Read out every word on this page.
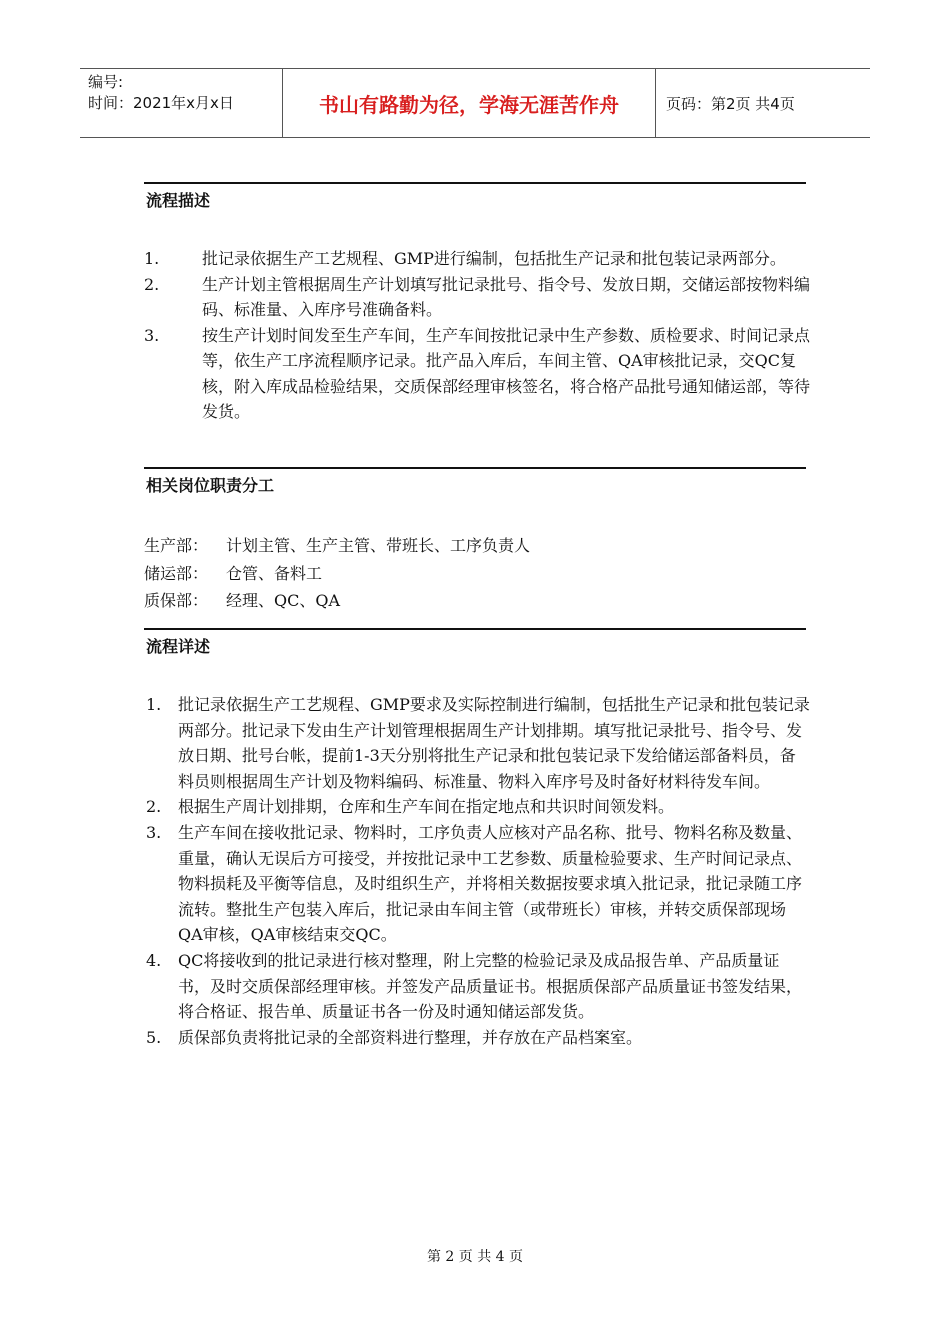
编号:
时间：2021年x月x日	书山有路勤为径，学海无涯苦作舟	页码：第2页 共4页
流程描述
1.	批记录依据生产工艺规程、GMP进行编制，包括批生产记录和批包装记录两部分。
2.	生产计划主管根据周生产计划填写批记录批号、指令号、发放日期，交储运部按物料编码、标准量、入库序号准确备料。
3.	按生产计划时间发至生产车间，生产车间按批记录中生产参数、质检要求、时间记录点等，依生产工序流程顺序记录。批产品入库后，车间主管、QA审核批记录，交QC复核，附入库成品检验结果，交质保部经理审核签名，将合格产品批号通知储运部，等待发货。
相关岗位职责分工
生产部：	计划主管、生产主管、带班长、工序负责人
储运部：	仓管、备料工
质保部：	经理、QC、QA
流程详述
1.	批记录依据生产工艺规程、GMP要求及实际控制进行编制，包括批生产记录和批包装记录两部分。批记录下发由生产计划管理根据周生产计划排期。填写批记录批号、指令号、发放日期、批号台帐，提前1-3天分别将批生产记录和批包装记录下发给储运部备料员，备料员则根据周生产计划及物料编码、标准量、物料入库序号及时备好材料待发车间。
2.	根据生产周计划排期，仓库和生产车间在指定地点和共识时间领发料。
3.	生产车间在接收批记录、物料时，工序负责人应核对产品名称、批号、物料名称及数量、重量，确认无误后方可接受，并按批记录中工艺参数、质量检验要求、生产时间记录点、物料损耗及平衡等信息，及时组织生产，并将相关数据按要求填入批记录，批记录随工序流转。整批生产包装入库后，批记录由车间主管（或带班长）审核，并转交质保部现场QA审核，QA审核结束交QC。
4.	QC将接收到的批记录进行核对整理，附上完整的检验记录及成品报告单、产品质量证书，及时交质保部经理审核。并签发产品质量证书。根据质保部产品质量证书签发结果，将合格证、报告单、质量证书各一份及时通知储运部发货。
5.	质保部负责将批记录的全部资料进行整理，并存放在产品档案室。
第 2 页 共 4 页
